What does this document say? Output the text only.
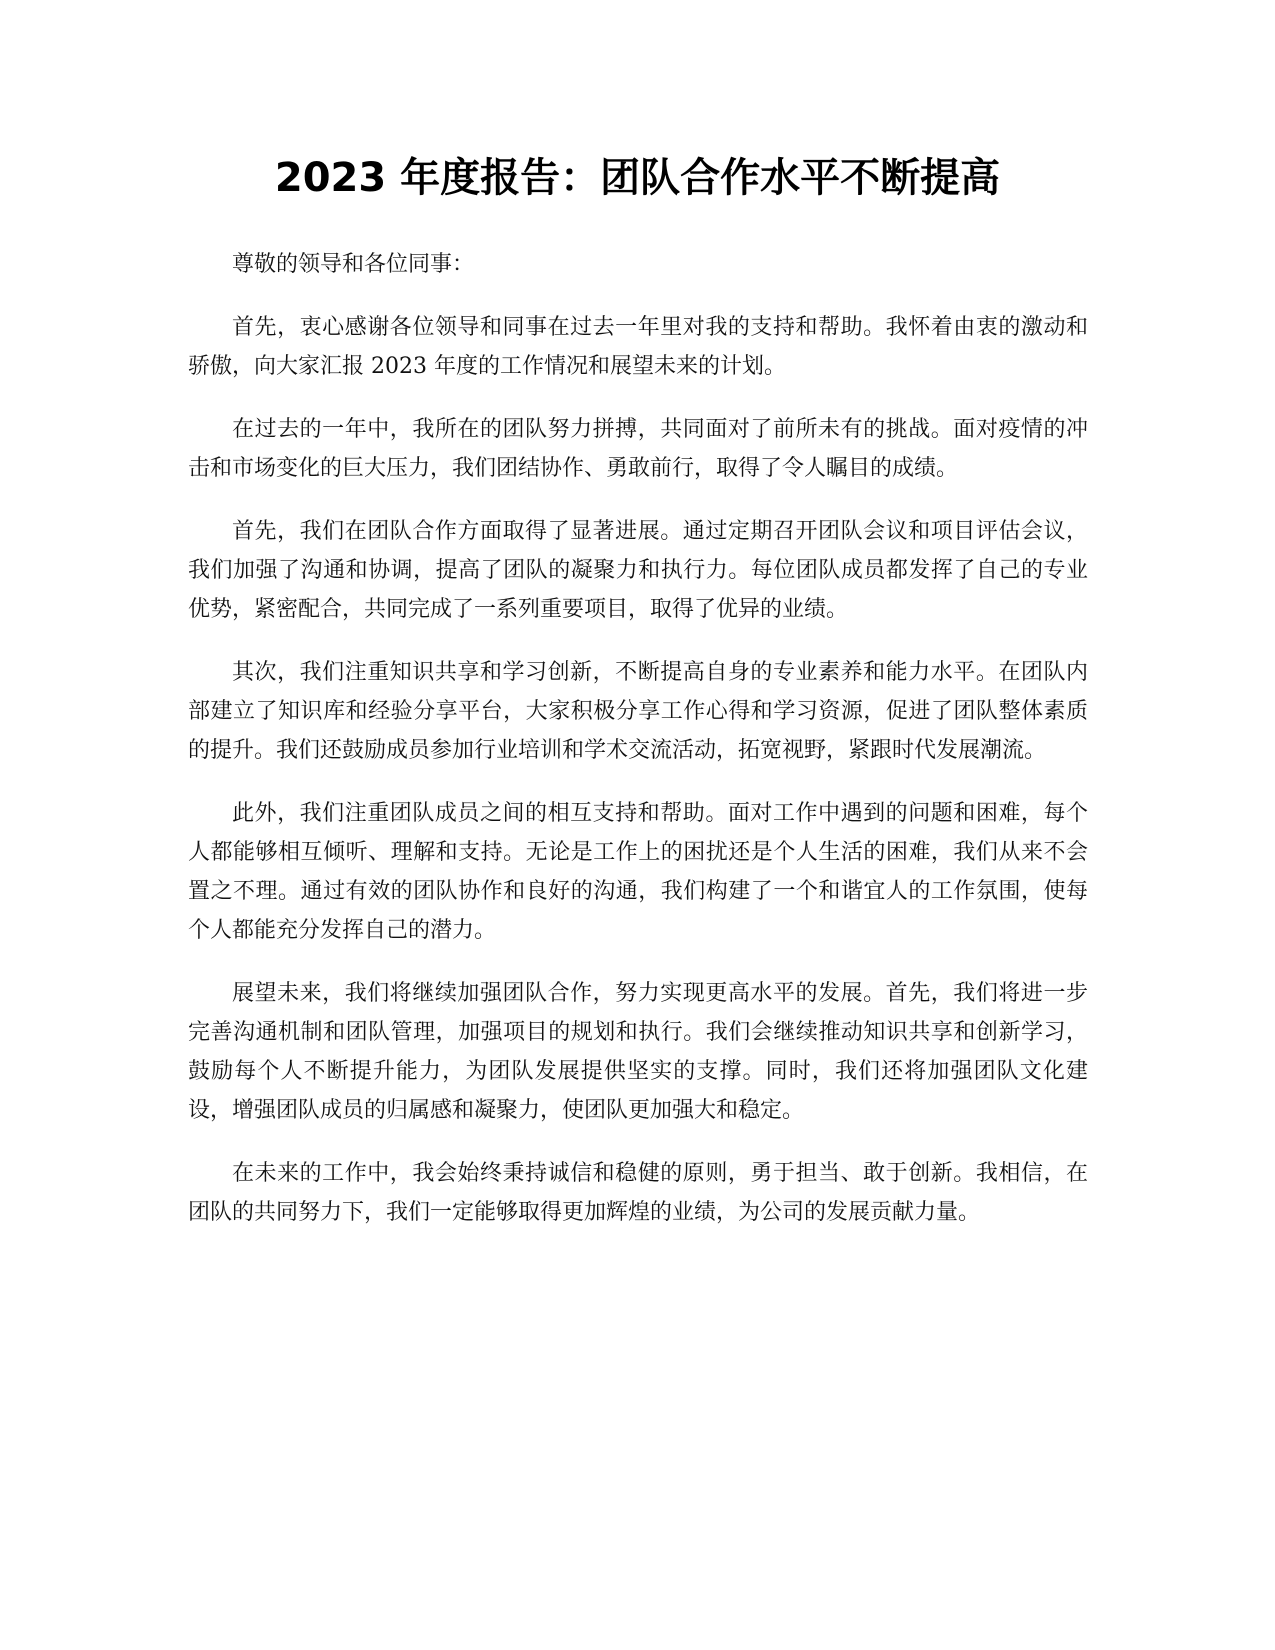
2023 年度报告：团队合作水平不断提高

尊敬的领导和各位同事：

首先，衷心感谢各位领导和同事在过去一年里对我的支持和帮助。我怀着由衷的激动和骄傲，向大家汇报 2023 年度的工作情况和展望未来的计划。

在过去的一年中，我所在的团队努力拼搏，共同面对了前所未有的挑战。面对疫情的冲击和市场变化的巨大压力，我们团结协作、勇敢前行，取得了令人瞩目的成绩。

首先，我们在团队合作方面取得了显著进展。通过定期召开团队会议和项目评估会议，我们加强了沟通和协调，提高了团队的凝聚力和执行力。每位团队成员都发挥了自己的专业优势，紧密配合，共同完成了一系列重要项目，取得了优异的业绩。

其次，我们注重知识共享和学习创新，不断提高自身的专业素养和能力水平。在团队内部建立了知识库和经验分享平台，大家积极分享工作心得和学习资源，促进了团队整体素质的提升。我们还鼓励成员参加行业培训和学术交流活动，拓宽视野，紧跟时代发展潮流。

此外，我们注重团队成员之间的相互支持和帮助。面对工作中遇到的问题和困难，每个人都能够相互倾听、理解和支持。无论是工作上的困扰还是个人生活的困难，我们从来不会置之不理。通过有效的团队协作和良好的沟通，我们构建了一个和谐宜人的工作氛围，使每个人都能充分发挥自己的潜力。

展望未来，我们将继续加强团队合作，努力实现更高水平的发展。首先，我们将进一步完善沟通机制和团队管理，加强项目的规划和执行。我们会继续推动知识共享和创新学习，鼓励每个人不断提升能力，为团队发展提供坚实的支撑。同时，我们还将加强团队文化建设，增强团队成员的归属感和凝聚力，使团队更加强大和稳定。

在未来的工作中，我会始终秉持诚信和稳健的原则，勇于担当、敢于创新。我相信，在团队的共同努力下，我们一定能够取得更加辉煌的业绩，为公司的发展贡献力量。
